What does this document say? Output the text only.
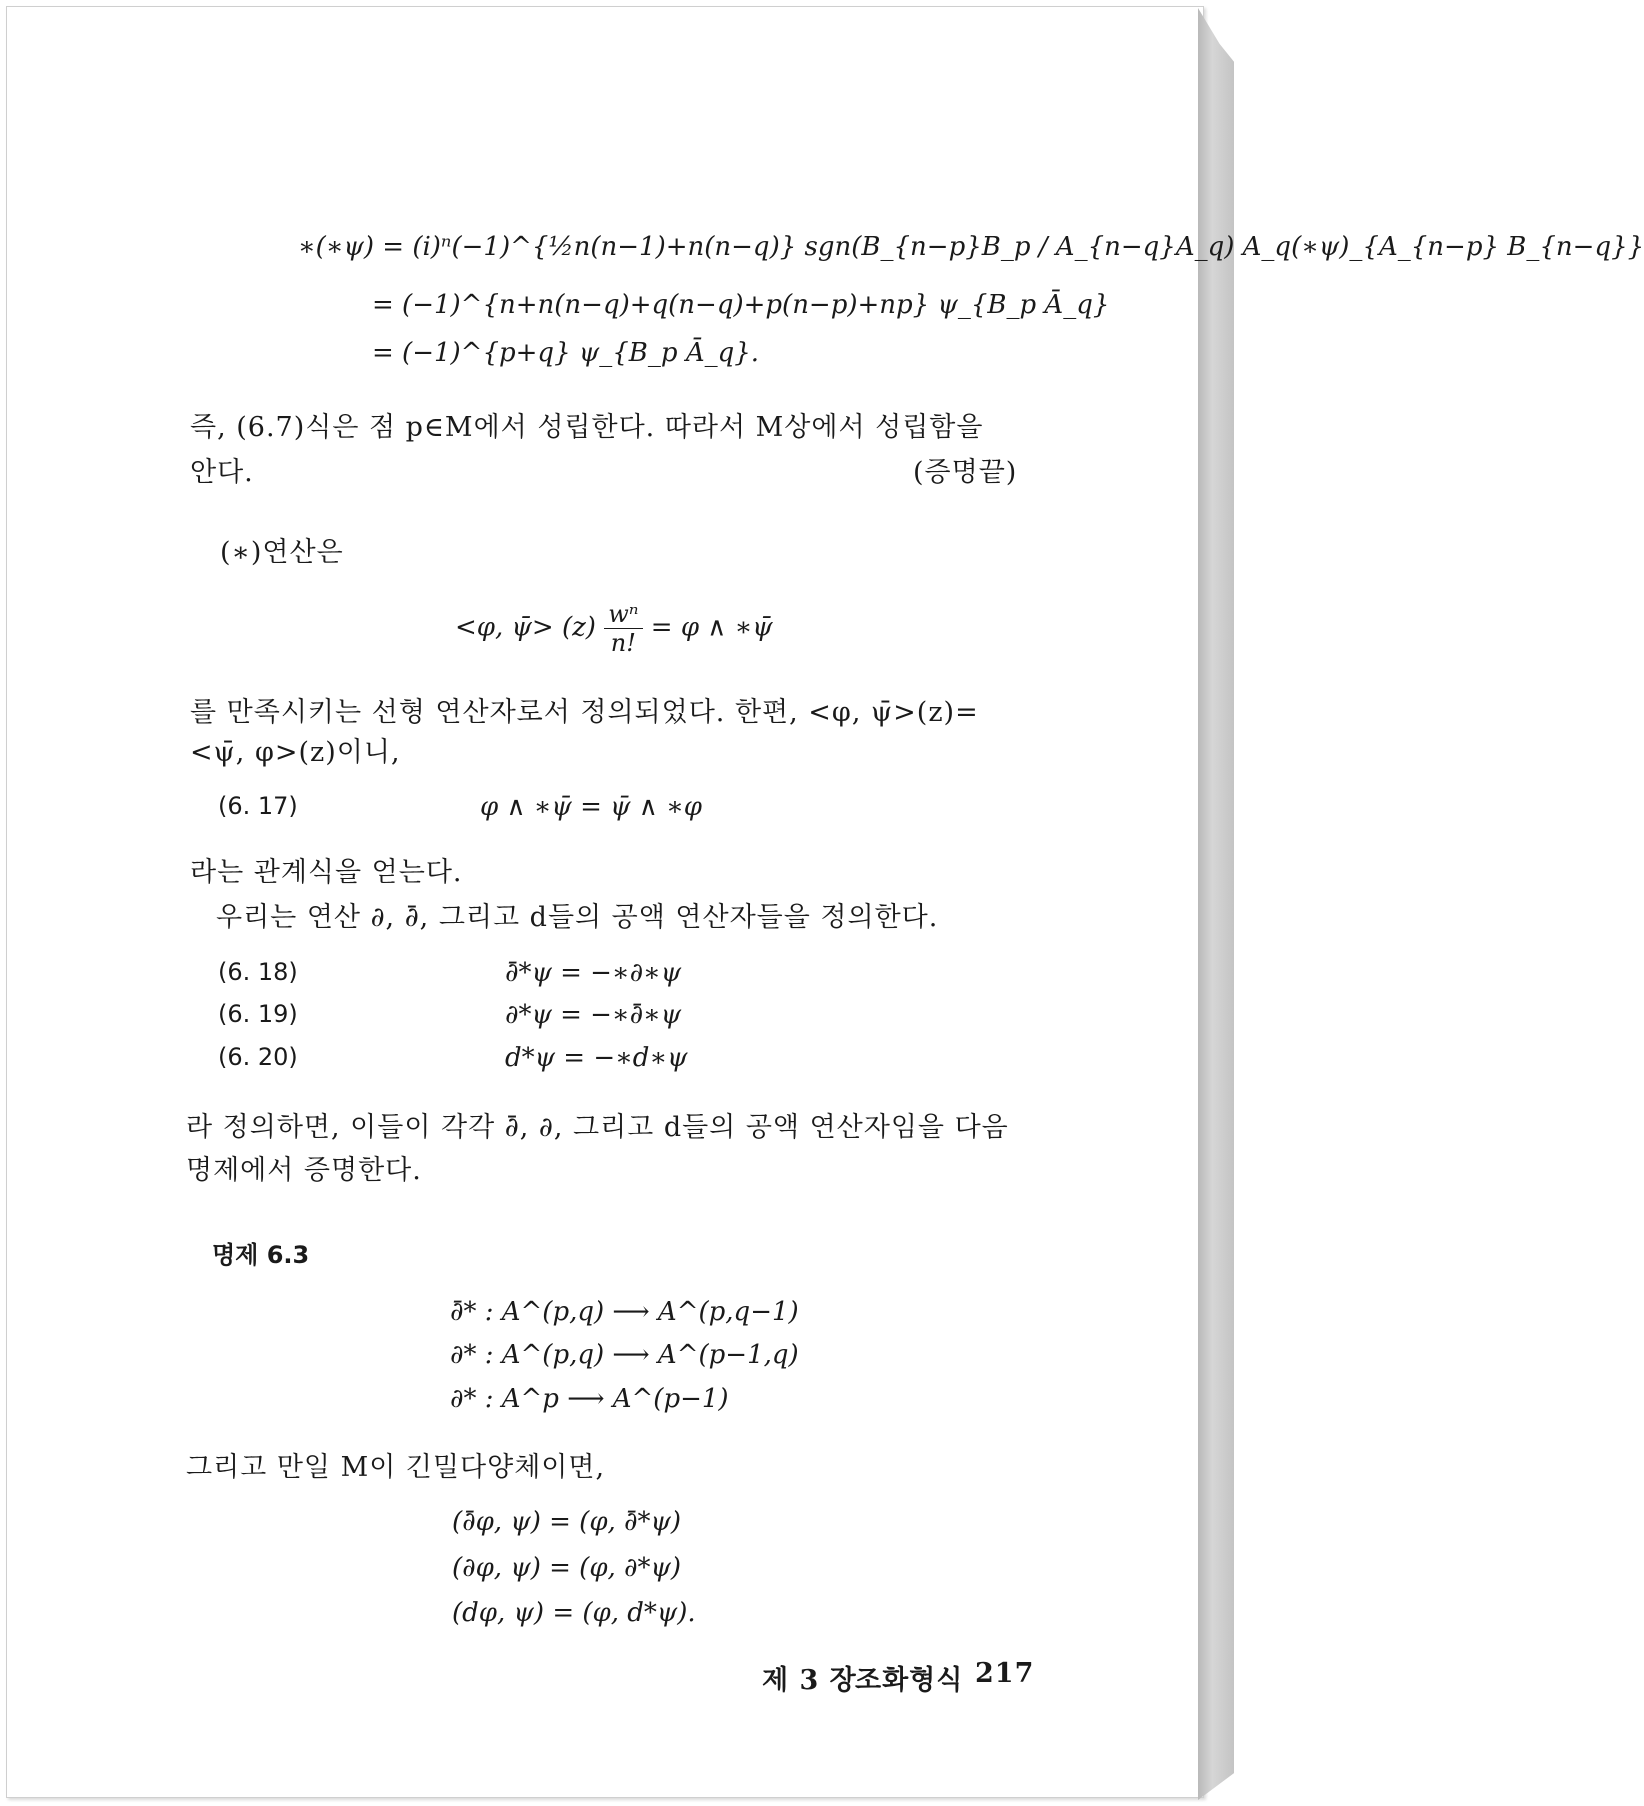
∗(∗ψ) = (i)ⁿ(−1)^{½n(n−1)+n(n−q)} sgn(B_{n−p}B_p / A_{n−q}A_q) A_q(∗ψ)_{A_{n−p} B_{n−q}}
= (−1)^{n+n(n−q)+q(n−q)+p(n−p)+np} ψ_{B_p Ā_q}
= (−1)^{p+q} ψ_{B_p Ā_q}.
즉, (6.7)식은 점 p∈M에서 성립한다. 따라서 M상에서 성립함을
안다.	(증명끝)
(∗)연산은
<φ, ψ̄> $(z) \frac{\text{wⁿ}}{n!} = \varphi$ ∧ ∗ψ̄
를 만족시키는 선형 연산자로서 정의되었다. 한편, <φ, ψ̄>(z)=
<ψ̄, φ>(z)이니,
(6. 17)	φ ∧ ∗ψ̄ = ψ̄ ∧ ∗φ
라는 관계식을 얻는다.
우리는 연산 ∂, ∂̄, 그리고 d들의 공액 연산자들을 정의한다.
(6. 18)	∂̄*ψ = −∗∂∗ψ
(6. 19)	∂*ψ = −∗∂̄∗ψ
(6. 20)	d*ψ = −∗d∗ψ
라 정의하면, 이들이 각각 ∂̄, ∂, 그리고 d들의 공액 연산자임을 다음
명제에서 증명한다.
명제 6.3
∂̄* : A^(p,q) ⟶ A^(p,q−1)
∂* : A^(p,q) ⟶ A^(p−1,q)
∂* : A^p ⟶ A^(p−1)
그리고 만일 M이 긴밀다양체이면,
(∂̄φ, ψ) = (φ, ∂̄*ψ)
(∂φ, ψ) = (φ, ∂*ψ)
(dφ, ψ) = (φ, d*ψ).
제 3 장
조화형식 217
